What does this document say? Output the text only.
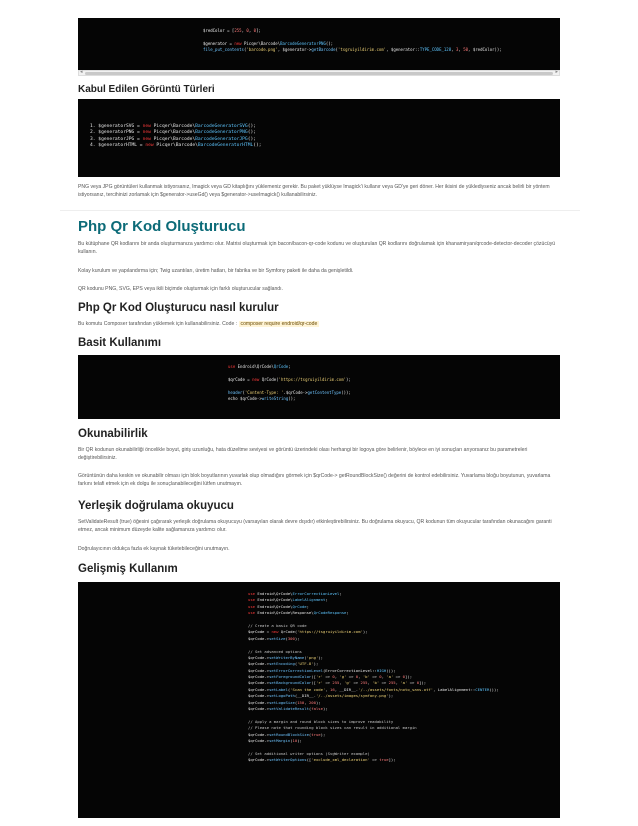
$redColor = [255, 0, 0];

$generator = new Picqer\Barcode\BarcodeGeneratorPNG();
file_put_contents('barcode.png', $generator->getBarcode('tsgruiyildirim.com', $generator::TYPE_CODE_128, 3, 50, $redColor));
◂	▸
Kabul Edilen Görüntü Türleri
1. $generatorSVG = new Picqer\Barcode\BarcodeGeneratorSVG();
2. $generatorPNG = new Picqer\Barcode\BarcodeGeneratorPNG();
3. $generatorJPG = new Picqer\Barcode\BarcodeGeneratorJPG();
4. $generatorHTML = new Picqer\Barcode\BarcodeGeneratorHTML();

PNG veya JPG görüntüleri kullanmak istiyorsanız, Imagick veya GD kitaplığını yüklemeniz gerekir. Bu paket yüklüyse Imagick'i kullanır veya GD'ye geri döner. Her ikisini de yüklediyseniz ancak belirli bir yöntem istiyorsanız, tercihinizi zorlamak için $generator->useGd() veya $generator->useImagick() kullanabilirsiniz.

Php Qr Kod Oluşturucu

Bu kütüphane QR kodlarını bir anda oluşturmanıza yardımcı olur. Matrisi oluşturmak için bacon/bacon-qr-code kodunu ve oluşturulan QR kodlarını doğrulamak için khanamiryan/qrcode-detector-decoder çözücüyü kullanın.

Kolay kurulum ve yapılandırma için; Twig uzantıları, üretim hatları, bir fabrika ve bir Symfony paketi ile daha da genişletildi.

QR kodunu PNG, SVG, EPS veya ikili biçimde oluşturmak için farklı oluşturucular sağlandı.

Php Qr Kod Oluşturucu nasıl kurulur

Bu komutu Composer tarafından yüklemek için kullanabilirsiniz. Code : composer require endroid/qr-code

Basit Kullanımı
use Endroid\QrCode\QrCode;

$qrCode = new QrCode('https://tsgruiyildirim.com');

header('Content-Type: '.$qrCode->getContentType());
echo $qrCode->writeString();
Okunabilirlik

Bir QR kodunun okunabilirliği öncelikle boyut, giriş uzunluğu, hata düzeltme seviyesi ve görüntü üzerindeki olası herhangi bir logoya göre belirlenir, böylece en iyi sonuçları arıyorsanız bu parametreleri değiştirebilirsiniz.

Görüntünün daha keskin ve okunabilir olması için blok boyutlarının yuvarlak olup olmadığını görmek için $qrCode-> getRoundBlockSize() değerini de kontrol edebilirsiniz. Yuvarlama bloğu boyutunun, yuvarlama farkını telafi etmek için ek dolgu ile sonuçlanabileceğini lütfen unutmayın.

Yerleşik doğrulama okuyucu

SetValidateResult (true) öğesini çağırarak yerleşik doğrulama okuyucuyu (varsayılan olarak devre dışıdır) etkinleştirebilirsiniz. Bu doğrulama okuyucu, QR kodunun tüm okuyucular tarafından okunacağını garanti etmez, ancak minimum düzeyde kalite sağlamanıza yardımcı olur.

Doğrulayıcının oldukça fazla ek kaynak tüketebileceğini unutmayın.

Gelişmiş Kullanım
use Endroid\QrCode\ErrorCorrectionLevel;
use Endroid\QrCode\LabelAlignment;
use Endroid\QrCode\QrCode;
use Endroid\QrCode\Response\QrCodeResponse;

// Create a basic QR code
$qrCode = new QrCode('https://tsgruiyildirim.com');
$qrCode->setSize(300);

// Set advanced options
$qrCode->setWriterByName('png');
$qrCode->setEncoding('UTF-8');
$qrCode->setErrorCorrectionLevel(ErrorCorrectionLevel::HIGH());
$qrCode->setForegroundColor(['r' => 0, 'g' => 0, 'b' => 0, 'a' => 0]);
$qrCode->setBackgroundColor(['r' => 255, 'g' => 255, 'b' => 255, 'a' => 0]);
$qrCode->setLabel('Scan the code', 16, __DIR__.'/../assets/fonts/noto_sans.otf', LabelAlignment::CENTER());
$qrCode->setLogoPath(__DIR__.'/../assets/images/symfony.png');
$qrCode->setLogoSize(150, 200);
$qrCode->setValidateResult(false);

// Apply a margin and round block sizes to improve readability
// Please note that rounding block sizes can result in additional margin
$qrCode->setRoundBlockSize(true);
$qrCode->setMargin(10);

// Set additional writer options (SvgWriter example)
$qrCode->setWriterOptions(['exclude_xml_declaration' => true]);
